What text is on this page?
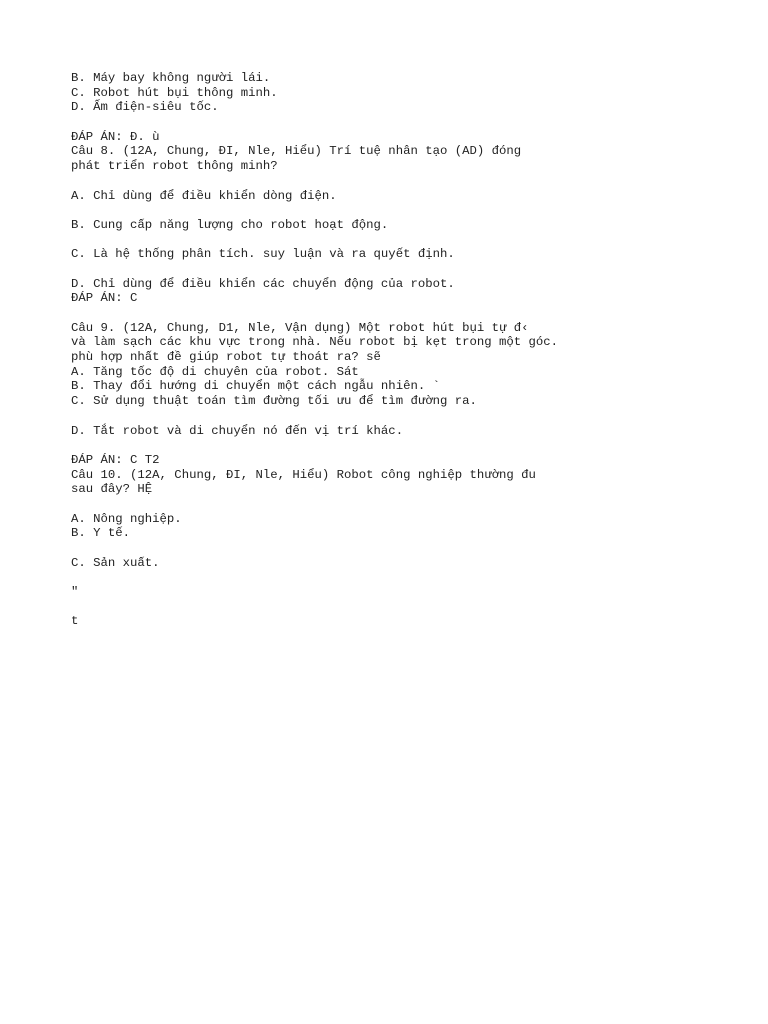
B. Máy bay không người lái.
C. Robot hút bụi thông minh.
D. Ấm điện-siêu tốc.
ĐÁP ÁN: Đ. ù
Câu 8. (12A, Chung, ĐI, Nle, Hiểu) Trí tuệ nhân tạo (AD) đóng
phát triển robot thông minh?
A. Chỉ dùng để điều khiển dòng điện.
B. Cung cấp năng lượng cho robot hoạt động.
C. Là hệ thống phân tích. suy luận và ra quyết định.
D. Chỉ dùng để điều khiển các chuyển động của robot.
ĐÁP ÁN: C
Câu 9. (12A, Chung, D1, Nle, Vận dụng) Một robot hút bụi tự đ‹
và làm sạch các khu vực trong nhà. Nếu robot bị kẹt trong một góc.
phù hợp nhất đề giúp robot tự thoát ra? sẽ
A. Tăng tốc độ di chuyên của robot. Sát
B. Thay đổi hướng di chuyển một cách ngẫu nhiên. `
C. Sử dụng thuật toán tìm đường tối ưu để tìm đường ra.
D. Tắt robot và di chuyển nó đến vị trí khác.
ĐÁP ÁN: C T2
Câu 10. (12A, Chung, ĐI, Nle, Hiểu) Robot công nghiệp thường đu
sau đây? HỆ
A. Nông nghiệp.
B. Y tế.
C. Sản xuất.
"
t
